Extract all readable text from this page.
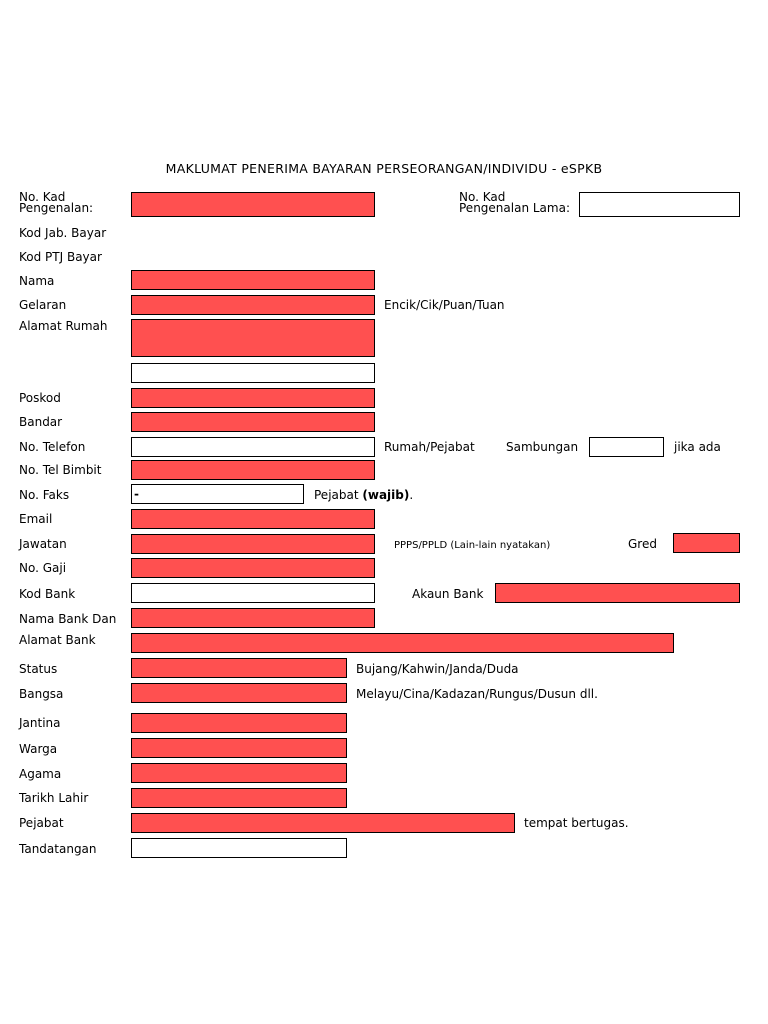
MAKLUMAT PENERIMA BAYARAN PERSEORANGAN/INDIVIDU - eSPKB
No. Kad
Pengenalan:
No. Kad
Pengenalan Lama:
Kod Jab. Bayar
Kod PTJ Bayar
Nama
Gelaran	Encik/Cik/Puan/Tuan
Alamat Rumah
Poskod
Bandar
No. Telefon	Rumah/Pejabat	Sambungan	jika ada
No. Tel Bimbit
No. Faks	-	Pejabat (wajib).
Email
Jawatan	PPPS/PPLD (Lain-lain nyatakan)	Gred
No. Gaji
Kod Bank	Akaun Bank
Nama Bank Dan
Alamat Bank
Status	Bujang/Kahwin/Janda/Duda
Bangsa	Melayu/Cina/Kadazan/Rungus/Dusun dll.
Jantina
Warga
Agama
Tarikh Lahir
Pejabat	tempat bertugas.
Tandatangan
